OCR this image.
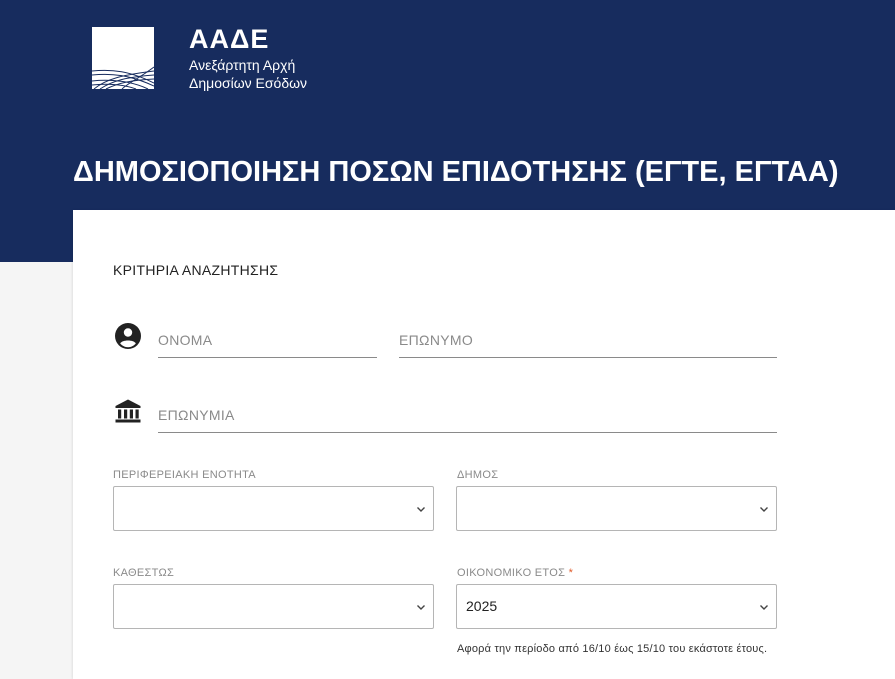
ΑΑΔΕ
Ανεξάρτητη Αρχή
Δημοσίων Εσόδων
ΔΗΜΟΣΙΟΠΟΙΗΣΗ ΠΟΣΩΝ ΕΠΙΔΟΤΗΣΗΣ (ΕΓΤΕ, ΕΓΤΑΑ)
ΚΡΙΤΗΡΙΑ ΑΝΑΖΗΤΗΣΗΣ
ΟΝΟΜΑ
ΕΠΩΝΥΜΟ
ΕΠΩΝΥΜΙΑ
ΠΕΡΙΦΕΡΕΙΑΚΗ ΕΝΟΤΗΤΑ	ΔΗΜΟΣ
ΚΑΘΕΣΤΩΣ	ΟΙΚΟΝΟΜΙΚΟ ΕΤΟΣ *
2025
Αφορά την περίοδο από 16/10 έως 15/10 του εκάστοτε έτους.
